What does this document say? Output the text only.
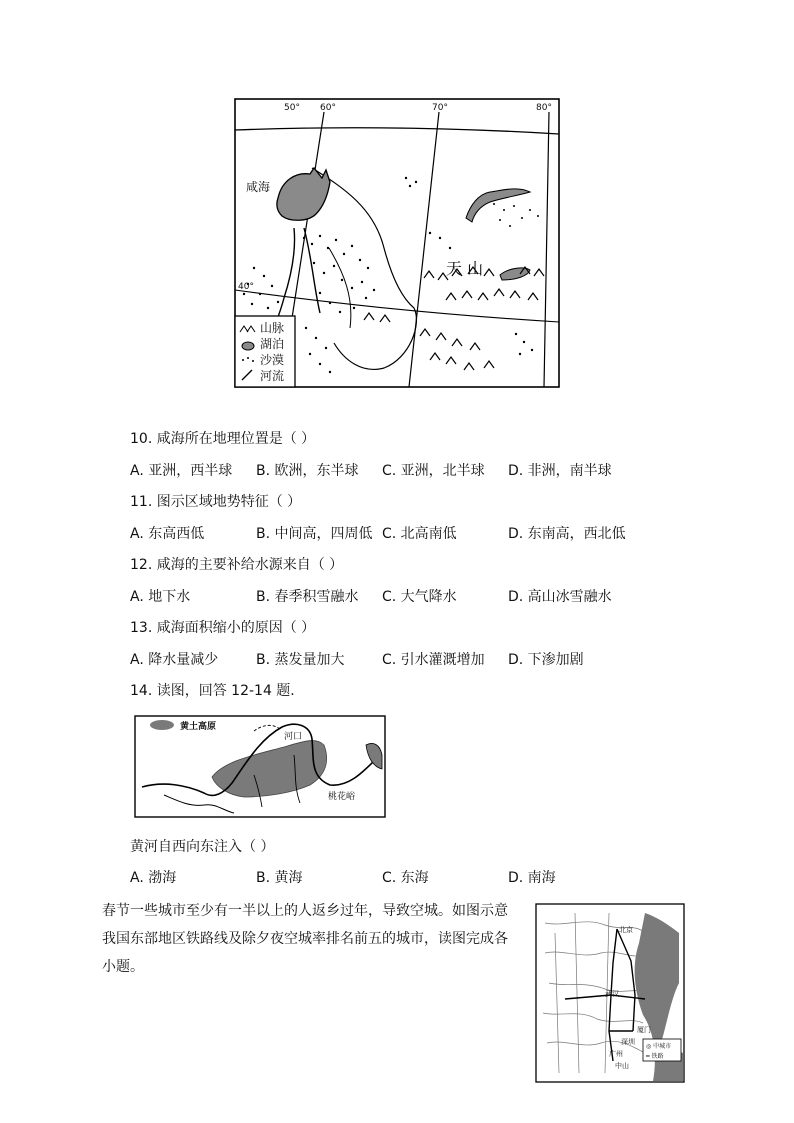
50° 60°	70°	80°
40°
咸海
天 山
山脉
湖泊
沙漠
河流
10. 咸海所在地理位置是（ ）
A. 亚洲，西半球 B. 欧洲，东半球 C. 亚洲，北半球 D. 非洲，南半球
11. 图示区域地势特征（ ）
A. 东高西低	B. 中间高，四周低 C. 北高南低	D. 东南高，西北低
12. 咸海的主要补给水源来自（ ）
A. 地下水	B. 春季积雪融水 C. 大气降水	D. 高山冰雪融水
13. 咸海面积缩小的原因（ ）
A. 降水量减少	B. 蒸发量加大	C. 引水灌溉增加 D. 下渗加剧
14. 读图，回答 12-14 题.
黄土高原
河口
桃花峪
黄河自西向东注入（ ）
A. 渤海	B. 黄海	C. 东海	D. 南海
春节一些城市至少有一半以上的人返乡过年，导致空城。如图示意
我国东部地区铁路线及除夕夜空城率排名前五的城市，读图完成各
小题。
北京
武汉
厦门
深圳
广州
中山
◎ 中城市
━ 铁路
